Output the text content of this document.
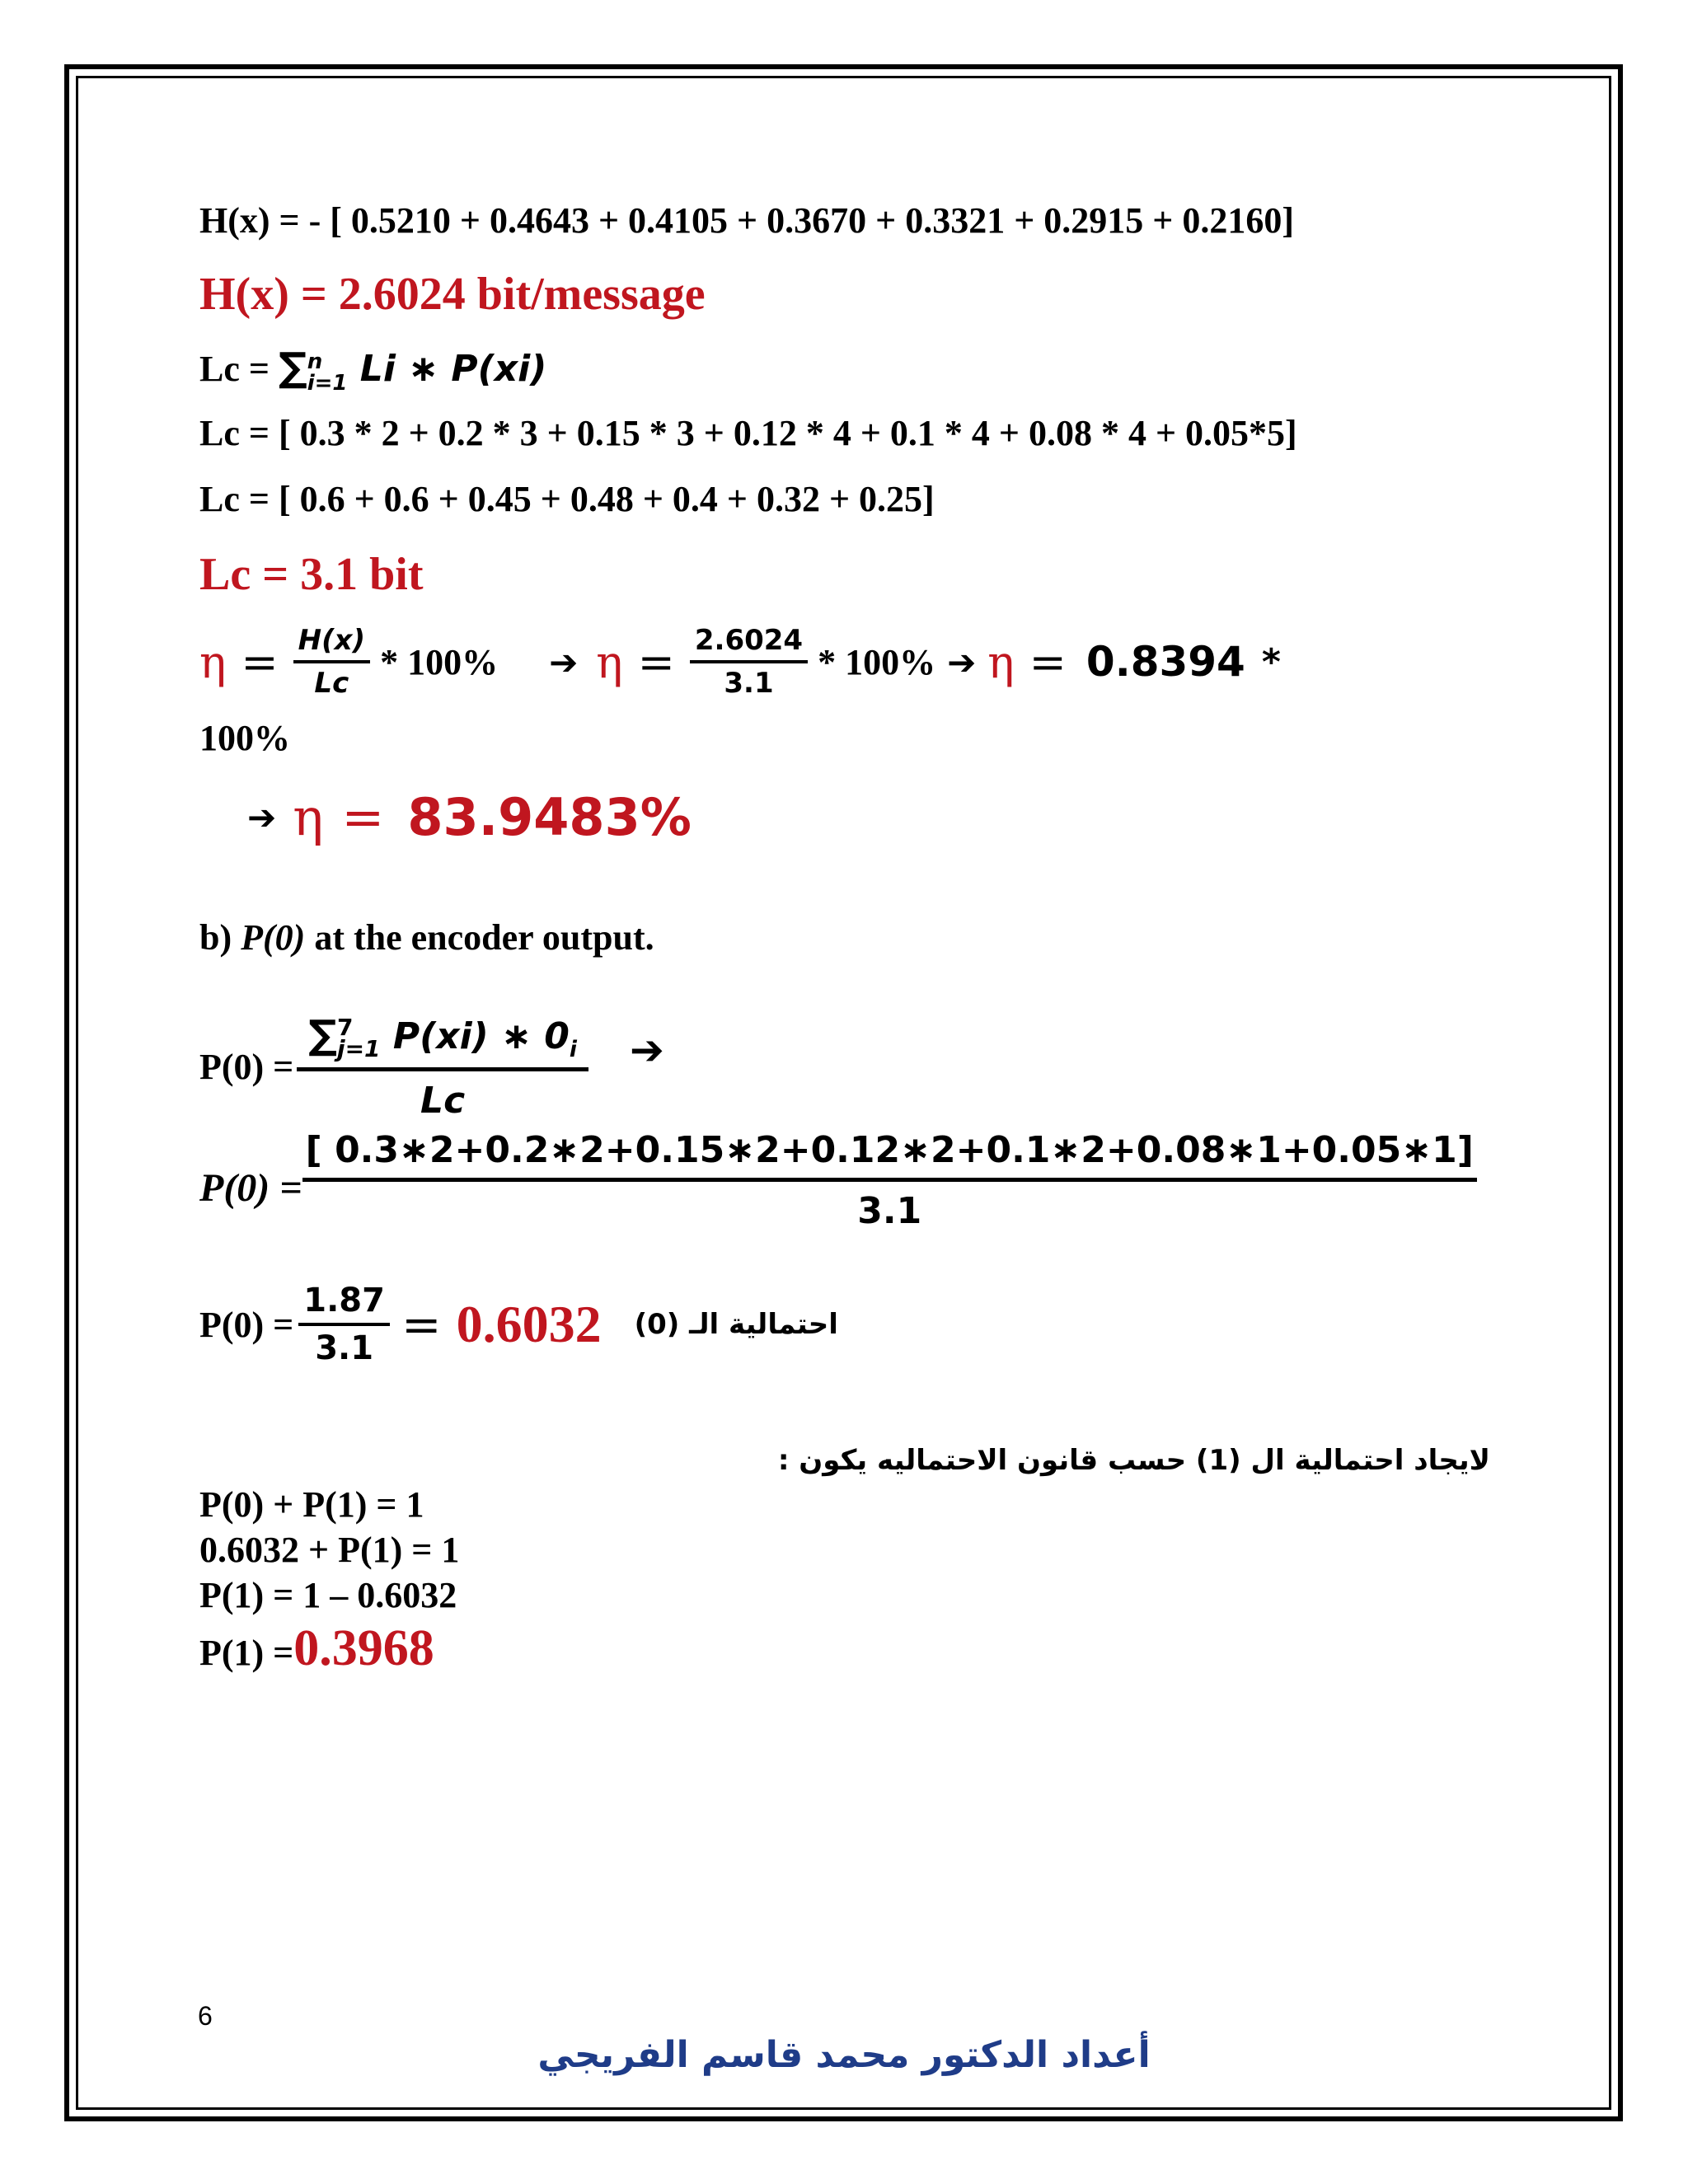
H(x) = - [ 0.5210 + 0.4643 + 0.4105 + 0.3670 + 0.3321 + 0.2915 + 0.2160]
H(x) = 2.6024 bit/message
Lc = ∑ n
i=1 Li ∗ P(xi)
Lc = [ 0.3 * 2 + 0.2 * 3 + 0.15 * 3 + 0.12 * 4 + 0.1 * 4 + 0.08 * 4 + 0.05*5]
Lc = [ 0.6 + 0.6 + 0.45 + 0.48 + 0.4 + 0.32 + 0.25]
Lc = 3.1 bit
$\eta = \frac{H(x)}{Lc} * 100\%$ ➔ $\eta = \frac{2.6024}{3.1} * 100\%$ ➔ η = 0.8394 *
100%
➔ η = 83.9483%
b) P(0) at the encoder output.
P(0) = ∑ 7
j=1 P(xi) ∗ $0_i$
Lc ➔
$P(0) = \frac{[ 0.3∗2+0.2∗2+0.15∗2+0.12∗2+0.1∗2+0.08∗1+0.05∗1]}{3.1}$
$P(0) = \frac{1.87}{3.1} = 0.6032$ احتمالية الـ (0)
لايجاد احتمالية ال (1) حسب قانون الاحتماليه يكون :
P(0) + P(1) = 1
0.6032 + P(1) = 1
P(1) = 1 – 0.6032
P(1) = 0.3968
6
أعداد الدكتور محمد قاسم الفريجي
